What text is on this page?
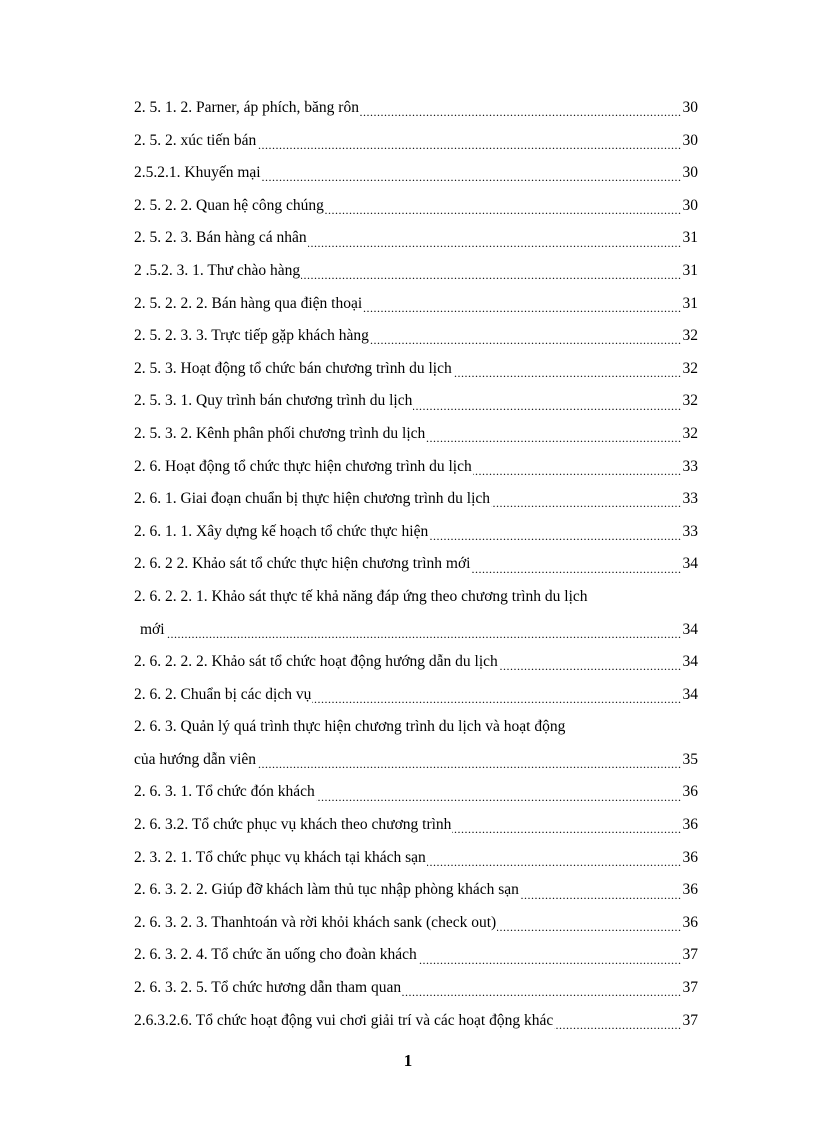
2. 5. 1. 2. Parner, áp phích, băng rôn .....	30
2. 5. 2. xúc tiến bán .....	30
2.5.2.1. Khuyến mại .....	30
2. 5. 2. 2. Quan hệ công chúng .....	30
2. 5. 2. 3. Bán hàng cá nhân .....	31
2 .5.2. 3. 1. Thư chào hàng .....	31
2. 5. 2. 2. 2. Bán hàng qua điện thoại .....	31
2. 5. 2. 3. 3. Trực tiếp gặp khách hàng .....	32
2. 5. 3. Hoạt động tổ chức bán chương trình du lịch .....	32
2. 5. 3. 1. Quy trình bán chương trình du lịch .....	32
2. 5. 3. 2. Kênh phân phối chương trình du lịch .....	32
2. 6. Hoạt động tổ chức thực hiện chương trình du lịch .....	33
2. 6. 1. Giai đoạn chuẩn bị thực hiện chương trình du lịch .....	33
2. 6. 1. 1. Xây dựng kế hoạch tổ chức thực hiện .....	33
2. 6. 2 2. Khảo sát tổ chức thực hiện chương trình mới .....	34
2. 6. 2. 2. 1. Khảo sát thực tế khả năng đáp ứng theo chương trình du lịch
mới .....	34
2. 6. 2. 2. 2. Khảo sát tổ chức hoạt động hướng dẫn du lịch .....	34
2. 6. 2. Chuẩn bị các dịch vụ .....	34
2. 6. 3. Quản lý quá trình thực hiện chương trình du lịch và hoạt động
của hướng dẫn viên .....	35
2. 6. 3. 1. Tổ chức đón khách .....	36
2. 6. 3.2. Tổ chức phục vụ khách theo chương trình .....	36
2. 3. 2. 1. Tổ chức phục vụ khách tại khách sạn .....	36
2. 6. 3. 2. 2. Giúp đỡ khách làm thủ tục nhập phòng khách sạn .....	36
2. 6. 3. 2. 3. Thanhtoán và rời khỏi khách sank (check out) .....	36
2. 6. 3. 2. 4. Tổ chức ăn uống cho đoàn khách .....	37
2. 6. 3. 2. 5. Tổ chức hương dẫn tham quan .....	37
2.6.3.2.6. Tổ chức hoạt động vui chơi giải trí và các hoạt động khác .....	37
1
